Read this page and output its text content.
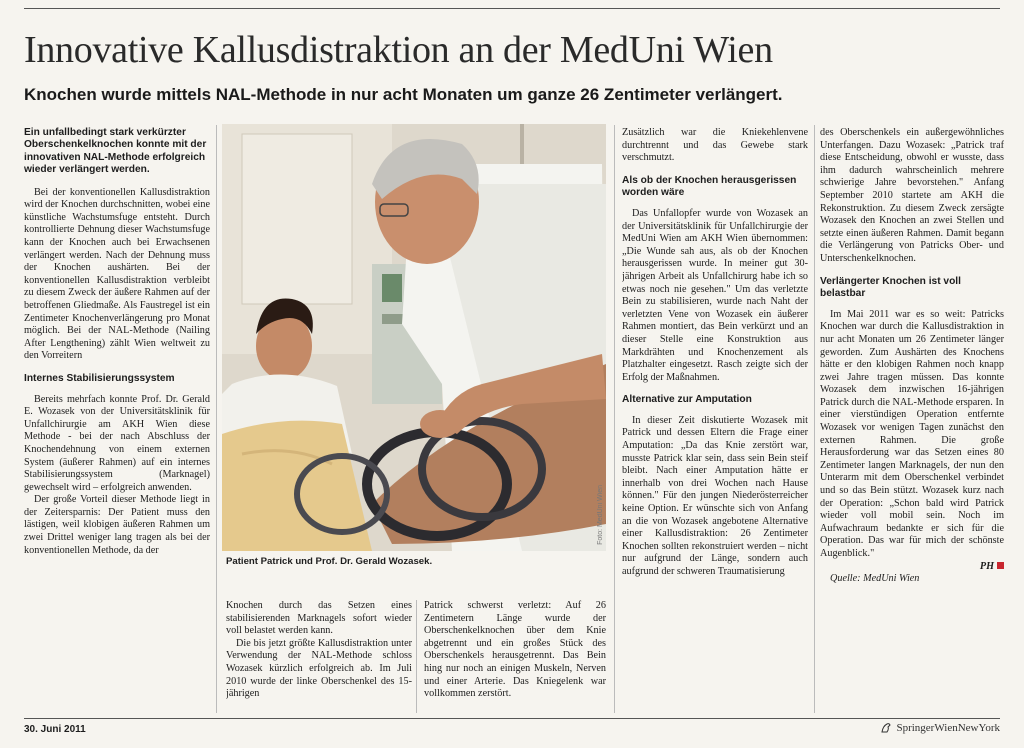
Innovative Kallusdistraktion an der MedUni Wien
Knochen wurde mittels NAL-Methode in nur acht Monaten um ganze 26 Zentimeter verlängert.
Ein unfallbedingt stark verkürzter Oberschenkelknochen konnte mit der innovativen NAL-Methode erfolgreich wieder verlängert werden.

Bei der konventionellen Kallusdistraktion wird der Knochen durchschnitten, wobei eine künstliche Wachstumsfuge entsteht. Durch kontrollierte Dehnung dieser Wachstumsfuge kann der Knochen auch bei Erwachsenen verlängert werden. Nach der Dehnung muss der Knochen aushärten. Bei der konventionellen Kallusdistraktion verbleibt zu diesem Zweck der äußere Rahmen auf der betroffenen Gliedmaße. Als Faustregel ist ein Zentimeter Knochenverlängerung pro Monat möglich. Bei der NAL-Methode (Nailing After Lengthening) zählt Wien weltweit zu den Vorreitern

Internes Stabilisierungssystem

Bereits mehrfach konnte Prof. Dr. Gerald E. Wozasek von der Universitätsklinik für Unfallchirurgie am AKH Wien diese Methode - bei der nach Abschluss der Knochendehnung von einem externen System (äußerer Rahmen) auf ein internes Stabilisierungssystem (Marknagel) gewechselt wird – erfolgreich anwenden.

Der große Vorteil dieser Methode liegt in der Zeitersparnis: Der Patient muss den lästigen, weil klobigen äußeren Rahmen um zwei Drittel weniger lang tragen als bei der konventionellen Methode, da der

Foto: MedUni Wien
Patient Patrick und Prof. Dr. Gerald Wozasek.

Knochen durch das Setzen eines stabilisierenden Marknagels sofort wieder voll belastet werden kann.

Die bis jetzt größte Kallusdistraktion unter Verwendung der NAL-Methode schloss Wozasek kürzlich erfolgreich ab. Im Juli 2010 wurde der linke Oberschenkel des 15-jährigen

Patrick schwerst verletzt: Auf 26 Zentimetern Länge wurde der Oberschenkelknochen über dem Knie abgetrennt und ein großes Stück des Oberschenkels herausgetrennt. Das Bein hing nur noch an einigen Muskeln, Nerven und einer Arterie. Das Kniegelenk war vollkommen zerstört.

Zusätzlich war die Kniekehlenvene durchtrennt und das Gewebe stark verschmutzt.

Als ob der Knochen herausgerissen worden wäre

Das Unfallopfer wurde von Wozasek an der Universitätsklinik für Unfallchirurgie der MedUni Wien am AKH Wien übernommen: „Die Wunde sah aus, als ob der Knochen herausgerissen wurde. In meiner gut 30-jährigen Arbeit als Unfallchirurg habe ich so etwas noch nie gesehen." Um das verletzte Bein zu stabilisieren, wurde nach Naht der verletzten Vene von Wozasek ein äußerer Rahmen montiert, das Bein verkürzt und an dieser Stelle eine Konstruktion aus Markdrähten und Knochenzement als Platzhalter eingesetzt. Rasch zeigte sich der Erfolg der Maßnahmen.

Alternative zur Amputation

In dieser Zeit diskutierte Wozasek mit Patrick und dessen Eltern die Frage einer Amputation: „Da das Knie zerstört war, musste Patrick klar sein, dass sein Bein steif bleibt. Nach einer Amputation hätte er innerhalb von drei Wochen nach Hause können." Für den jungen Niederösterreicher keine Option. Er wünschte sich von Anfang an die von Wozasek angebotene Alternative einer Kallusdistraktion: 26 Zentimeter Knochen sollten rekonstruiert werden – nicht nur aufgrund der Länge, sondern auch aufgrund der schweren Traumatisierung

des Oberschenkels ein außergewöhnliches Unterfangen. Dazu Wozasek: „Patrick traf diese Entscheidung, obwohl er wusste, dass ihm dadurch wahrscheinlich mehrere schwierige Jahre bevorstehen." Anfang September 2010 startete am AKH die Rekonstruktion. Zu diesem Zweck zersägte Wozasek den Knochen an zwei Stellen und setzte einen äußeren Rahmen. Damit begann die Verlängerung von Patricks Ober- und Unterschenkelknochen.

Verlängerter Knochen ist voll belastbar

Im Mai 2011 war es so weit: Patricks Knochen war durch die Kallusdistraktion in nur acht Monaten um 26 Zentimeter länger geworden. Zum Aushärten des Knochens hätte er den klobigen Rahmen noch knapp zwei Jahre tragen müssen. Das konnte Wozasek dem inzwischen 16-jährigen Patrick durch die NAL-Methode ersparen. In einer vierstündigen Operation entfernte Wozasek vor wenigen Tagen zunächst den externen Rahmen. Die große Herausforderung war das Setzen eines 80 Zentimeter langen Marknagels, der nun den Unterarm mit dem Oberschenkel verbindet und so das Bein stützt. Wozasek kurz nach der Operation: „Schon bald wird Patrick wieder voll mobil sein. Noch im Aufwachraum bedankte er sich für die Operation. Das war für mich der schönste Augenblick."

PH

Quelle: MedUni Wien

30. Juni 2011	SpringerWienNewYork
